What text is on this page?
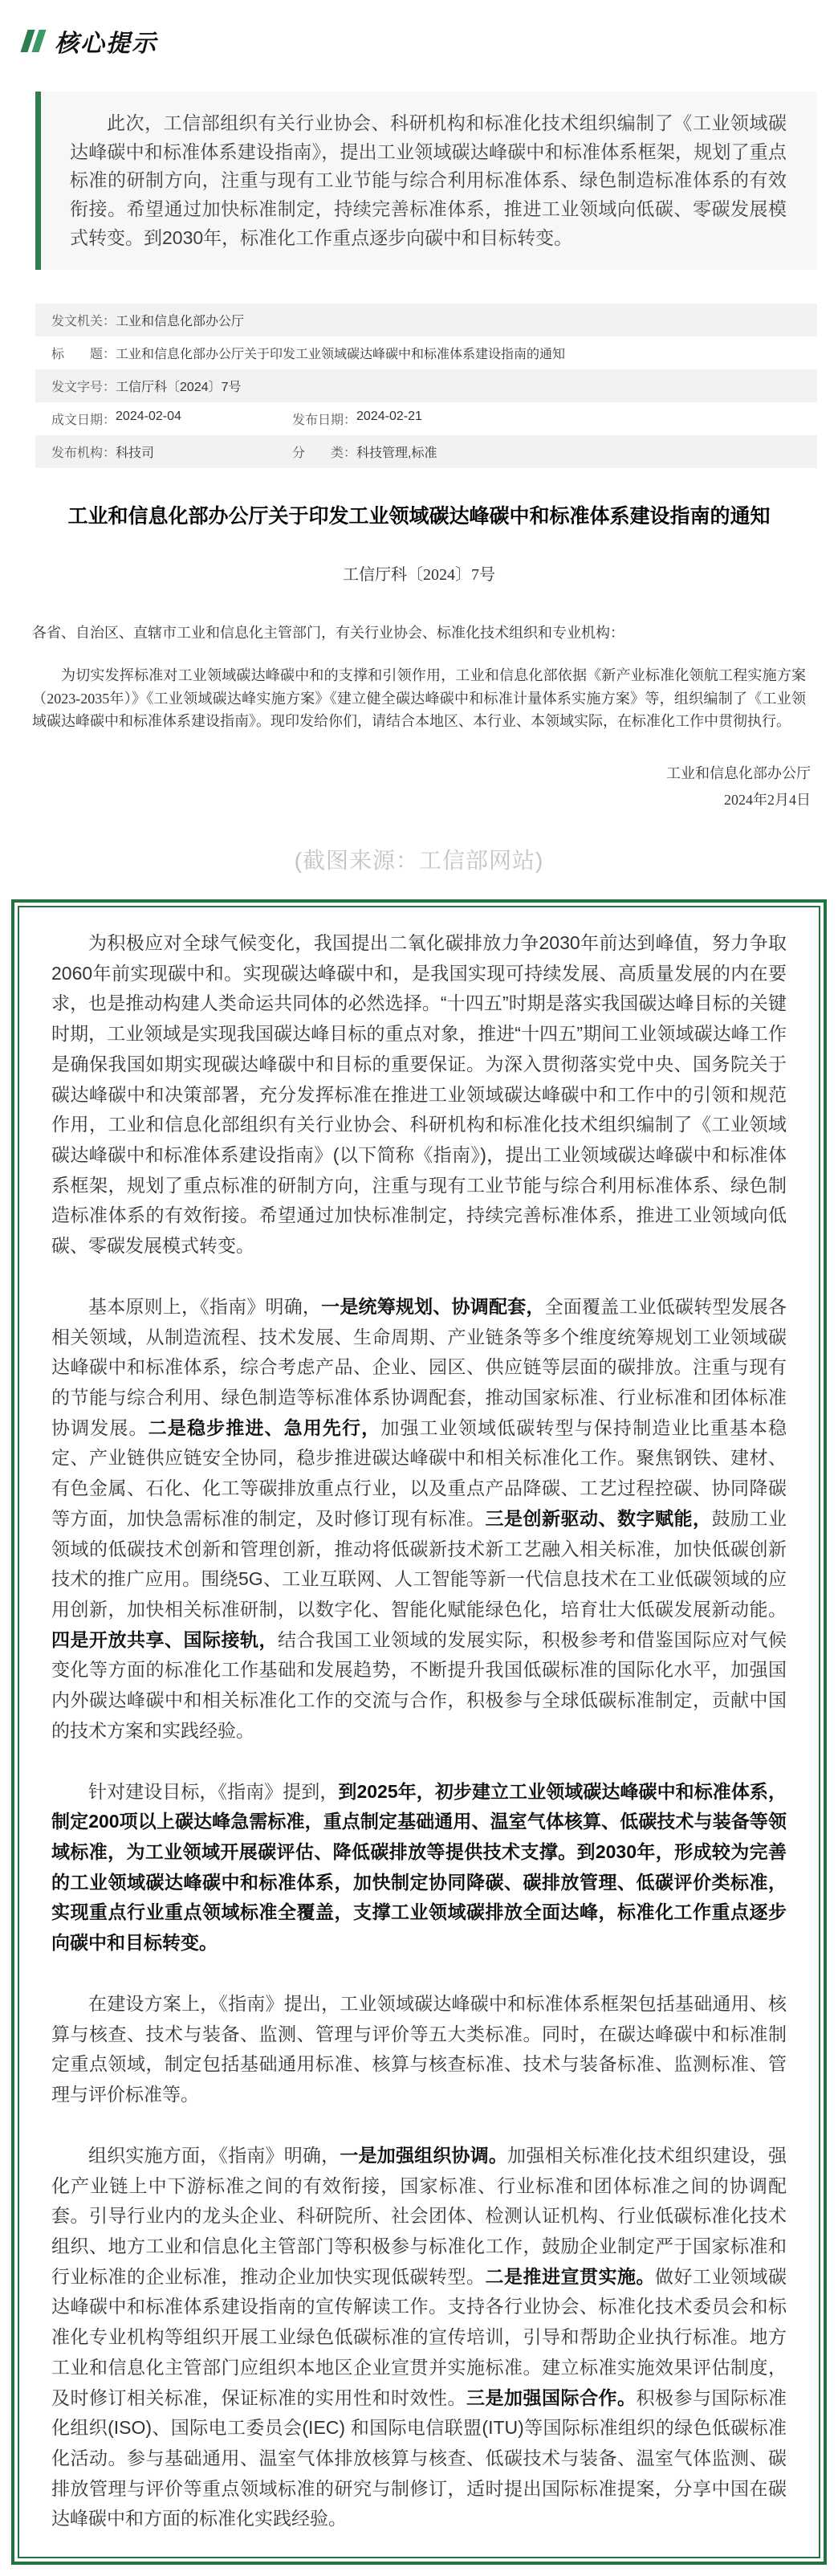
核心提示

此次，工信部组织有关行业协会、科研机构和标准化技术组织编制了《工业领域碳达峰碳中和标准体系建设指南》，提出工业领域碳达峰碳中和标准体系框架，规划了重点标准的研制方向，注重与现有工业节能与综合利用标准体系、绿色制造标准体系的有效衔接。希望通过加快标准制定，持续完善标准体系，推进工业领域向低碳、零碳发展模式转变。到2030年，标准化工作重点逐步向碳中和目标转变。

发文机关： 工业和信息化部办公厅
标　　题： 工业和信息化部办公厅关于印发工业领域碳达峰碳中和标准体系建设指南的通知
发文字号： 工信厅科〔2024〕7号
成文日期： 2024-02-04	发布日期： 2024-02-21
发布机构： 科技司	分　　类： 科技管理,标准
工业和信息化部办公厅关于印发工业领域碳达峰碳中和标准体系建设指南的通知
工信厅科〔2024〕7号

各省、自治区、直辖市工业和信息化主管部门，有关行业协会、标准化技术组织和专业机构：

为切实发挥标准对工业领域碳达峰碳中和的支撑和引领作用，工业和信息化部依据《新产业标准化领航工程实施方案（2023-2035年）》《工业领域碳达峰实施方案》《建立健全碳达峰碳中和标准计量体系实施方案》等，组织编制了《工业领域碳达峰碳中和标准体系建设指南》。现印发给你们，请结合本地区、本行业、本领域实际，在标准化工作中贯彻执行。

工业和信息化部办公厅
2024年2月4日
(截图来源：工信部网站)

为积极应对全球气候变化，我国提出二氧化碳排放力争2030年前达到峰值，努力争取2060年前实现碳中和。实现碳达峰碳中和，是我国实现可持续发展、高质量发展的内在要求，也是推动构建人类命运共同体的必然选择。“十四五”时期是落实我国碳达峰目标的关键时期，工业领域是实现我国碳达峰目标的重点对象，推进“十四五”期间工业领域碳达峰工作是确保我国如期实现碳达峰碳中和目标的重要保证。为深入贯彻落实党中央、国务院关于碳达峰碳中和决策部署，充分发挥标准在推进工业领域碳达峰碳中和工作中的引领和规范作用，工业和信息化部组织有关行业协会、科研机构和标准化技术组织编制了《工业领域碳达峰碳中和标准体系建设指南》(以下简称《指南》)，提出工业领域碳达峰碳中和标准体系框架，规划了重点标准的研制方向，注重与现有工业节能与综合利用标准体系、绿色制造标准体系的有效衔接。希望通过加快标准制定，持续完善标准体系，推进工业领域向低碳、零碳发展模式转变。

基本原则上，《指南》明确，一是统筹规划、协调配套，全面覆盖工业低碳转型发展各相关领域，从制造流程、技术发展、生命周期、产业链条等多个维度统筹规划工业领域碳达峰碳中和标准体系，综合考虑产品、企业、园区、供应链等层面的碳排放。注重与现有的节能与综合利用、绿色制造等标准体系协调配套，推动国家标准、行业标准和团体标准协调发展。二是稳步推进、急用先行，加强工业领域低碳转型与保持制造业比重基本稳定、产业链供应链安全协同，稳步推进碳达峰碳中和相关标准化工作。聚焦钢铁、建材、有色金属、石化、化工等碳排放重点行业，以及重点产品降碳、工艺过程控碳、协同降碳等方面，加快急需标准的制定，及时修订现有标准。三是创新驱动、数字赋能，鼓励工业领域的低碳技术创新和管理创新，推动将低碳新技术新工艺融入相关标准，加快低碳创新技术的推广应用。围绕5G、工业互联网、人工智能等新一代信息技术在工业低碳领域的应用创新，加快相关标准研制，以数字化、智能化赋能绿色化，培育壮大低碳发展新动能。四是开放共享、国际接轨，结合我国工业领域的发展实际，积极参考和借鉴国际应对气候变化等方面的标准化工作基础和发展趋势，不断提升我国低碳标准的国际化水平，加强国内外碳达峰碳中和相关标准化工作的交流与合作，积极参与全球低碳标准制定，贡献中国的技术方案和实践经验。

针对建设目标，《指南》提到，到2025年，初步建立工业领域碳达峰碳中和标准体系，制定200项以上碳达峰急需标准，重点制定基础通用、温室气体核算、低碳技术与装备等领域标准，为工业领域开展碳评估、降低碳排放等提供技术支撑。到2030年，形成较为完善的工业领域碳达峰碳中和标准体系，加快制定协同降碳、碳排放管理、低碳评价类标准，实现重点行业重点领域标准全覆盖，支撑工业领域碳排放全面达峰，标准化工作重点逐步向碳中和目标转变。

在建设方案上，《指南》提出，工业领域碳达峰碳中和标准体系框架包括基础通用、核算与核查、技术与装备、监测、管理与评价等五大类标准。同时，在碳达峰碳中和标准制定重点领域，制定包括基础通用标准、核算与核查标准、技术与装备标准、监测标准、管理与评价标准等。

组织实施方面，《指南》明确，一是加强组织协调。加强相关标准化技术组织建设，强化产业链上中下游标准之间的有效衔接，国家标准、行业标准和团体标准之间的协调配套。引导行业内的龙头企业、科研院所、社会团体、检测认证机构、行业低碳标准化技术组织、地方工业和信息化主管部门等积极参与标准化工作，鼓励企业制定严于国家标准和行业标准的企业标准，推动企业加快实现低碳转型。二是推进宣贯实施。做好工业领域碳达峰碳中和标准体系建设指南的宣传解读工作。支持各行业协会、标准化技术委员会和标准化专业机构等组织开展工业绿色低碳标准的宣传培训，引导和帮助企业执行标准。地方工业和信息化主管部门应组织本地区企业宣贯并实施标准。建立标准实施效果评估制度，及时修订相关标准，保证标准的实用性和时效性。三是加强国际合作。积极参与国际标准化组织(ISO)、国际电工委员会(IEC) 和国际电信联盟(ITU)等国际标准组织的绿色低碳标准化活动。参与基础通用、温室气体排放核算与核查、低碳技术与装备、温室气体监测、碳排放管理与评价等重点领域标准的研究与制修订，适时提出国际标准提案，分享中国在碳达峰碳中和方面的标准化实践经验。
